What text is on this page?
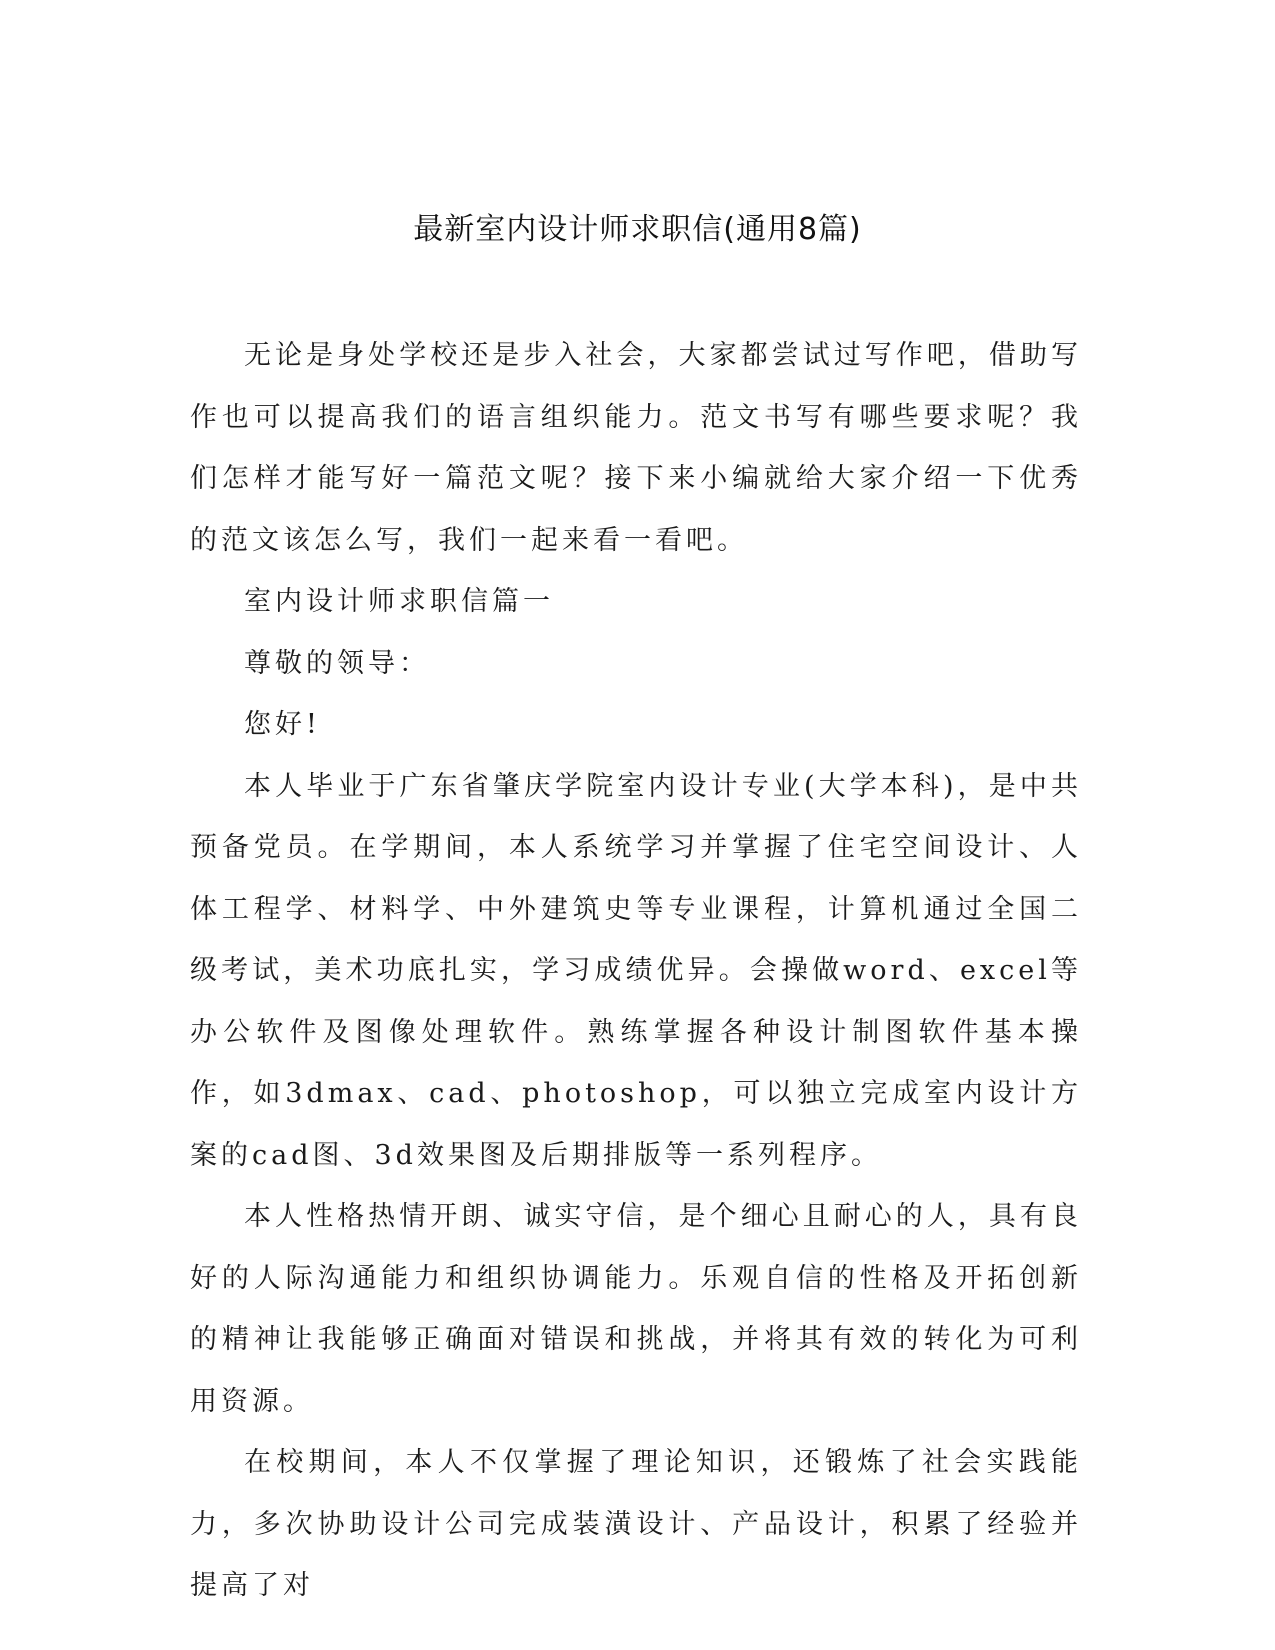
最新室内设计师求职信(通用8篇)

无论是身处学校还是步入社会，大家都尝试过写作吧，借助写作也可以提高我们的语言组织能力。范文书写有哪些要求呢？我们怎样才能写好一篇范文呢？接下来小编就给大家介绍一下优秀的范文该怎么写，我们一起来看一看吧。

室内设计师求职信篇一

尊敬的领导：

您好!

本人毕业于广东省肇庆学院室内设计专业(大学本科)，是中共预备党员。在学期间，本人系统学习并掌握了住宅空间设计、人体工程学、材料学、中外建筑史等专业课程，计算机通过全国二级考试，美术功底扎实，学习成绩优异。会操做word、excel等办公软件及图像处理软件。熟练掌握各种设计制图软件基本操作，如3dmax、cad、photoshop，可以独立完成室内设计方案的cad图、3d效果图及后期排版等一系列程序。

本人性格热情开朗、诚实守信，是个细心且耐心的人，具有良好的人际沟通能力和组织协调能力。乐观自信的性格及开拓创新的精神让我能够正确面对错误和挑战，并将其有效的转化为可利用资源。

在校期间，本人不仅掌握了理论知识，还锻炼了社会实践能力，多次协助设计公司完成装潢设计、产品设计，积累了经验并提高了对
